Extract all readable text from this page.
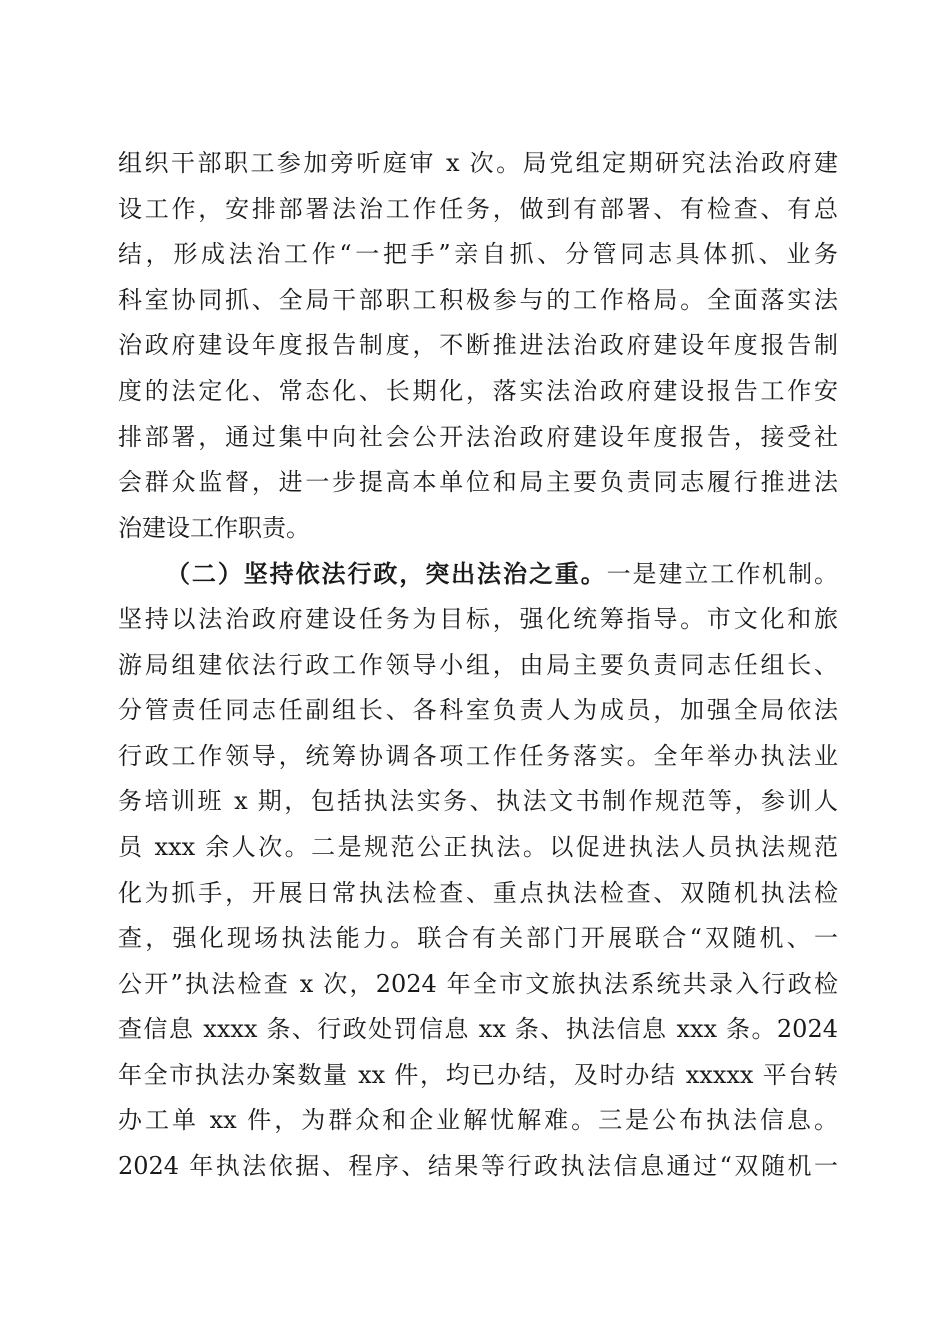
组织干部职工参加旁听庭审 x 次。局党组定期研究法治政府建
设工作，安排部署法治工作任务，做到有部署、有检查、有总
结，形成法治工作“一把手”亲自抓、分管同志具体抓、业务
科室协同抓、全局干部职工积极参与的工作格局。全面落实法
治政府建设年度报告制度，不断推进法治政府建设年度报告制
度的法定化、常态化、长期化，落实法治政府建设报告工作安
排部署，通过集中向社会公开法治政府建设年度报告，接受社
会群众监督，进一步提高本单位和局主要负责同志履行推进法
治建设工作职责。
（二）坚持依法行政，突出法治之重。一是建立工作机制。
坚持以法治政府建设任务为目标，强化统筹指导。市文化和旅
游局组建依法行政工作领导小组，由局主要负责同志任组长、
分管责任同志任副组长、各科室负责人为成员，加强全局依法
行政工作领导，统筹协调各项工作任务落实。全年举办执法业
务培训班 x 期，包括执法实务、执法文书制作规范等，参训人
员 xxx 余人次。二是规范公正执法。以促进执法人员执法规范
化为抓手，开展日常执法检查、重点执法检查、双随机执法检
查，强化现场执法能力。联合有关部门开展联合“双随机、一
公开”执法检查 x 次，2024 年全市文旅执法系统共录入行政检
查信息 xxxx 条、行政处罚信息 xx 条、执法信息 xxx 条。2024
年全市执法办案数量 xx 件，均已办结，及时办结 xxxxx 平台转
办工单 xx 件，为群众和企业解忧解难。三是公布执法信息。
2024 年执法依据、程序、结果等行政执法信息通过“双随机一
